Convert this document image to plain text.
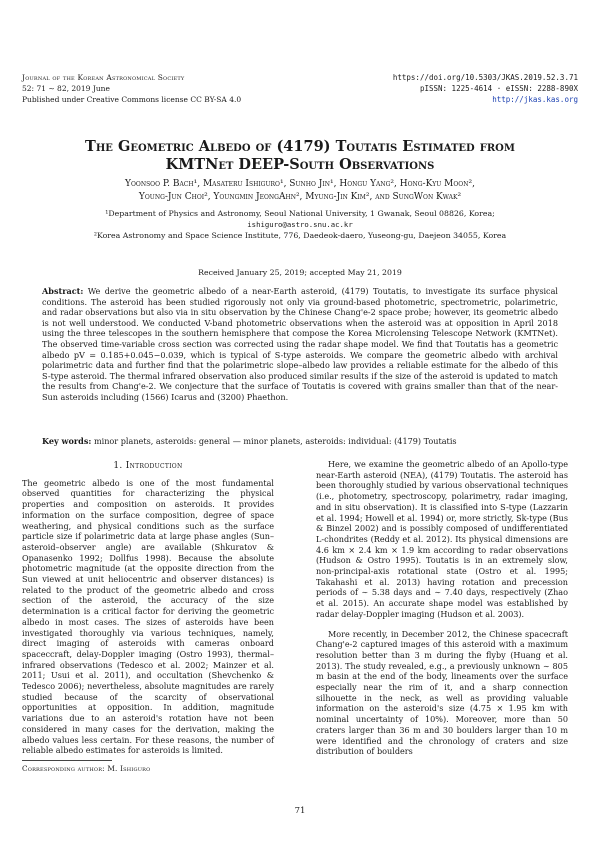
Journal of the Korean Astronomical Society
52: 71 ∼ 82, 2019 June
Published under Creative Commons license CC BY-SA 4.0
https://doi.org/10.5303/JKAS.2019.52.3.71
pISSN: 1225-4614 · eISSN: 2288-890X
http://jkas.kas.org
The Geometric Albedo of (4179) Toutatis Estimated from
KMTNet DEEP-South Observations
Yoonsoo P. Bach¹, Masateru Ishiguro¹, Sunho Jin¹, Hongu Yang², Hong-Kyu Moon²,
Young-Jun Choi², Youngmin JeongAhn², Myung-Jin Kim², and SungWon Kwak²
¹Department of Physics and Astronomy, Seoul National University, 1 Gwanak, Seoul 08826, Korea;
ishiguro@astro.snu.ac.kr
²Korea Astronomy and Space Science Institute, 776, Daedeok-daero, Yuseong-gu, Daejeon 34055, Korea
Received January 25, 2019; accepted May 21, 2019
Abstract: We derive the geometric albedo of a near-Earth asteroid, (4179) Toutatis, to investigate its surface physical conditions. The asteroid has been studied rigorously not only via ground-based photometric, spectrometric, polarimetric, and radar observations but also via in situ observation by the Chinese Chang'e-2 space probe; however, its geometric albedo is not well understood. We conducted V-band photometric observations when the asteroid was at opposition in April 2018 using the three telescopes in the southern hemisphere that compose the Korea Microlensing Telescope Network (KMTNet). The observed time-variable cross section was corrected using the radar shape model. We find that Toutatis has a geometric albedo pV = 0.185+0.045−0.039, which is typical of S-type asteroids. We compare the geometric albedo with archival polarimetric data and further find that the polarimetric slope–albedo law provides a reliable estimate for the albedo of this S-type asteroid. The thermal infrared observation also produced similar results if the size of the asteroid is updated to match the results from Chang'e-2. We conjecture that the surface of Toutatis is covered with grains smaller than that of the near-Sun asteroids including (1566) Icarus and (3200) Phaethon.
Key words: minor planets, asteroids: general — minor planets, asteroids: individual: (4179) Toutatis
1. Introduction

The geometric albedo is one of the most fundamental observed quantities for characterizing the physical properties and composition on asteroids. It provides information on the surface composition, degree of space weathering, and physical conditions such as the surface particle size if polarimetric data at large phase angles (Sun–asteroid–observer angle) are available (Shkuratov & Opanasenko 1992; Dollfus 1998). Because the absolute photometric magnitude (at the opposite direction from the Sun viewed at unit heliocentric and observer distances) is related to the product of the geometric albedo and cross section of the asteroid, the accuracy of the size determination is a critical factor for deriving the geometric albedo in most cases. The sizes of asteroids have been investigated thoroughly via various techniques, namely, direct imaging of asteroids with cameras onboard spaceccraft, delay-Doppler imaging (Ostro 1993), thermal–infrared observations (Tedesco et al. 2002; Mainzer et al. 2011; Usui et al. 2011), and occultation (Shevchenko & Tedesco 2006); nevertheless, absolute magnitudes are rarely studied because of the scarcity of observational opportunities at opposition. In addition, magnitude variations due to an asteroid's rotation have not been considered in many cases for the derivation, making the albedo values less certain. For these reasons, the number of reliable albedo estimates for asteroids is limited.

Here, we examine the geometric albedo of an Apollo-type near-Earth asteroid (NEA), (4179) Toutatis. The asteroid has been thoroughly studied by various observational techniques (i.e., photometry, spectroscopy, polarimetry, radar imaging, and in situ observation). It is classified into S-type (Lazzarin et al. 1994; Howell et al. 1994) or, more strictly, Sk-type (Bus & Binzel 2002) and is possibly composed of undifferentiated L-chondrites (Reddy et al. 2012). Its physical dimensions are 4.6 km × 2.4 km × 1.9 km according to radar observations (Hudson & Ostro 1995). Toutatis is in an extremely slow, non-principal-axis rotational state (Ostro et al. 1995; Takahashi et al. 2013) having rotation and precession periods of ∼ 5.38 days and ∼ 7.40 days, respectively (Zhao et al. 2015). An accurate shape model was established by radar delay-Doppler imaging (Hudson et al. 2003).

More recently, in December 2012, the Chinese spacecraft Chang'e-2 captured images of this asteroid with a maximum resolution better than 3 m during the flyby (Huang et al. 2013). The study revealed, e.g., a previously unknown ∼ 805 m basin at the end of the body, lineaments over the surface especially near the rim of it, and a sharp connection silhouette in the neck, as well as providing valuable information on the asteroid's size (4.75 × 1.95 km with nominal uncertainty of 10%). Moreover, more than 50 craters larger than 36 m and 30 boulders larger than 10 m were identified and the chronology of craters and size distribution of boulders

Corresponding author: M. Ishiguro
71
